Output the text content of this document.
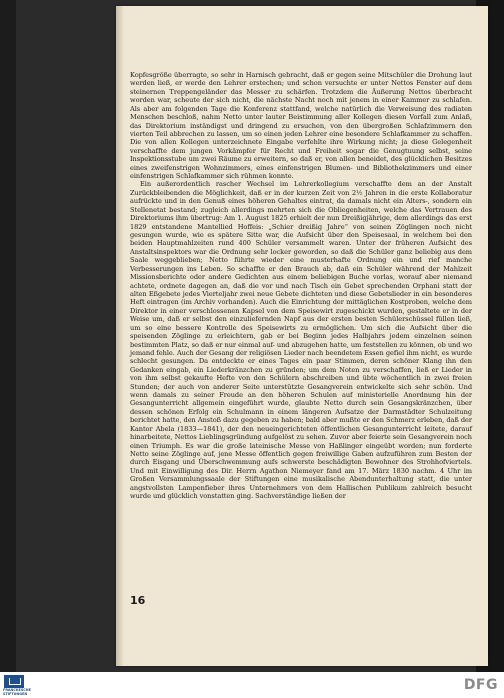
Kopfesgröße überragte, so sehr in Harnisch gebracht, daß er gegen seine Mitschüler die Drohung laut werden ließ, er werde den Lehrer erstechen; und schon versuchte er unter Nettos Fenster auf dem steinernen Treppengeländer das Messer zu schärfen. Trotzdem die Äußerung Nettos überbracht worden war, scheute der sich nicht, die nächste Nacht noch mit jenem in einer Kammer zu schlafen. Als aber am folgenden Tage die Konferenz stattfand, welche natürlich die Verweisung des radiaten Menschen beschloß, nahm Netto unter lauter Beistimmung aller Kollegen diesen Vorfall zum Anlaß, das Direktorium inständigst und dringend zu ersuchen, von den übergroßen Schlafzimmern den vierten Teil abbrechen zu lassen, um so einen jeden Lehrer eine besondere Schlafkammer zu schaffen. Die von allen Kollegen unterzeichnete Eingabe verfehlte ihre Wirkung nicht; ja diese Gelegenheit verschaffte dem jungen Vorkämpfer für Recht und Freiheit sogar die Genugtuung selbst, seine Inspektionsstube um zwei Räume zu erweitern, so daß er, von allen beneidet, des glücklichen Besitzes eines zweifenstrigen Wohnzimmers, eines einfenstrigen Blumen- und Bibliothekzimmers und einer einfenstrigen Schlafkammer sich rühmen konnte.

Ein außerordentlich rascher Wechsel im Lehrerkollegium verschaffte dem an der Anstalt Zurückbleibenden die Möglichkeit, daß er in der kurzen Zeit von 2½ Jahren in die erste Kollaboratur aufrückte und in den Genuß eines höheren Gehaltes eintrat, da damals nicht ein Alters-, sondern ein Stellenetat bestand; zugleich allerdings mehrten sich die Obliegenheiten, welche das Vertrauen des Direktoriums ihm übertrug: Am 1. August 1825 erhielt der nun Dreißigjährige, dem allerdings das erst 1829 entstandene Mantellied Hoffeis: „Schier dreißig Jahre“ von seinen Zöglingen noch nicht gesungen wurde, wie es spätere Sitte war, die Aufsicht über den Speisesaal, in welchem bei den beiden Hauptmahlzeiten rund 400 Schüler versammelt waren. Unter der früheren Aufsicht des Anstaltsinspektors war die Ordnung sehr locker geworden, so daß die Schüler ganz beliebig aus dem Saale weggeblieben; Netto führte wieder eine musterhafte Ordnung ein und rief manche Verbesserungen ins Leben. So schaffte er den Brauch ab, daß ein Schüler während der Mahlzeit Missionsberichte oder andere Gedichten aus einem beliebigen Buche vorlas, worauf aber niemand achtete, ordnete dagegen an, daß die vor und nach Tisch ein Gebet sprechenden Orphani statt der alten Eßgebete jedes Vierteljahr zwei neue Gebete dichteten und diese Gebetslieder in ein besonderes Heft eintragen (im Archiv vorhanden). Auch die Einrichtung der mittäglichen Kostproben, welche dem Direktor in einer verschlossenen Kapsel von dem Speisewirt zugeschickt wurden, gestaltete er in der Weise um, daß er selbst den einzuliefernden Napf aus der ersten besten Schülerschüssel füllen ließ, um so eine bessere Kontrolle des Speisewirts zu ermöglichen. Um sich die Aufsicht über die speisenden Zöglinge zu erleichtern, gab er bei Beginn jedes Halbjahrs jedem einzelnen seinen bestimmten Platz, so daß er nur einmal auf- und abzugehen hatte, um feststellen zu können, ob und wo jemand fehle. Auch der Gesang der religiösen Lieder nach beendetem Essen gefiel ihm nicht, es wurde schlecht gesungen. Da entdeckte er eines Tages ein paar Stimmen, deren schöner Klang ihn den Gedanken eingab, ein Liederkränzchen zu gründen; um dem Noten zu verschaffen, ließ er Lieder in von ihm selbst gekaufte Hefte von den Schülern abschreiben und übte wöchentlich in zwei freien Stunden; der auch von anderer Seite unterstützte Gesangverein entwickelte sich sehr schön. Und wenn damals zu seiner Freude an den höheren Schulen auf ministerielle Anordnung hin der Gesangunterricht allgemein eingeführt wurde, glaubte Netto durch sein Gesangskränzchen, über dessen schönen Erfolg ein Schulmann in einem längeren Aufsatze der Darmstädter Schulzeitung berichtet hatte, den Anstoß dazu gegeben zu haben; bald aber mußte er den Schmerz erleben, daß der Kantor Abela (1833—1841), der den neueingerichteten öffentlichen Gesangunterricht leitete, darauf hinarbeitete, Nettos Lieblingsgründung aufgelöst zu sehen. Zuvor aber feierte sein Gesangverein noch einen Triumph. Es war die große lateinische Messe von Haßlinger eingeübt worden; nun forderte Netto seine Zöglinge auf, jene Messe öffentlich gegen freiwillige Gaben aufzuführen zum Besten der durch Eisgang und Überschwemmung aufs schwerste beschädigten Bewohner des Strohhofviertels. Und mit Einwilligung des Dir. Herrn Agathon Niemeyer fand am 17. März 1830 nachm. 4 Uhr im Großen Versammlungssaale der Stiftungen eine musikalische Abendunterhaltung statt, die unter angstvollsten Lampenfieber ihres Unternehmers von dem Hallischen Publikum zahlreich besucht wurde und glücklich vonstatten ging. Sachverständige ließen der

16
FRANCKESCHE
STIFTUNGEN
DFG
